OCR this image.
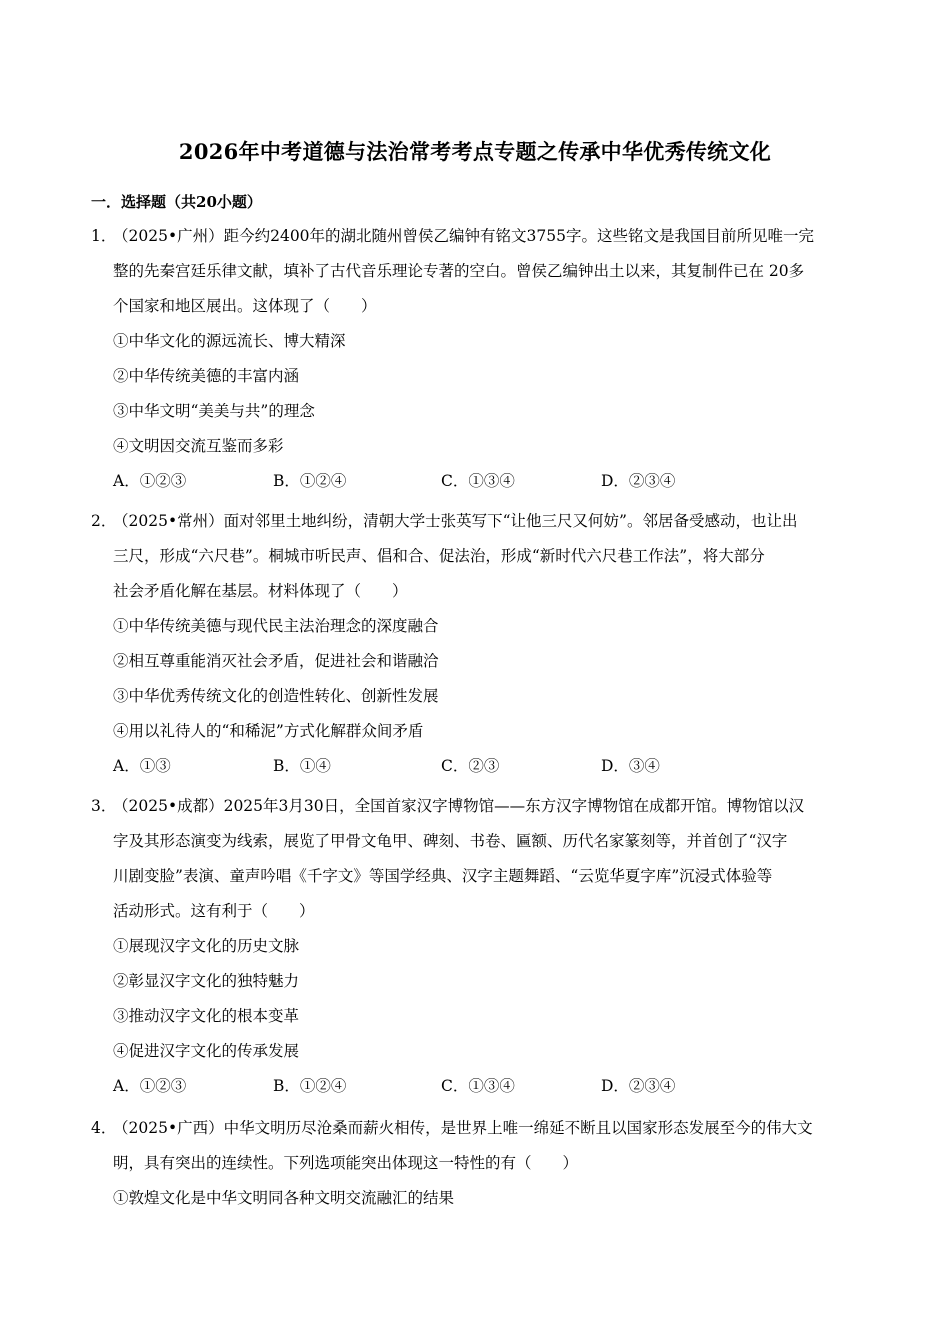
2026年中考道德与法治常考考点专题之传承中华优秀传统文化
一．选择题（共20小题）
1．（2025•广州）距今约2400年的湖北随州曾侯乙编钟有铭文3755字。这些铭文是我国目前所见唯一完
整的先秦宫廷乐律文献，填补了古代音乐理论专著的空白。曾侯乙编钟出土以来，其复制件已在 20多
个国家和地区展出。这体现了（　　）
①中华文化的源远流长、博大精深
②中华传统美德的丰富内涵
③中华文明“美美与共”的理念
④文明因交流互鉴而多彩
A．①②③	B．①②④	C．①③④	D．②③④
2．（2025•常州）面对邻里土地纠纷，清朝大学士张英写下“让他三尺又何妨”。邻居备受感动，也让出
三尺，形成“六尺巷”。桐城市听民声、倡和合、促法治，形成“新时代六尺巷工作法”，将大部分
社会矛盾化解在基层。材料体现了（　　）
①中华传统美德与现代民主法治理念的深度融合
②相互尊重能消灭社会矛盾，促进社会和谐融洽
③中华优秀传统文化的创造性转化、创新性发展
④用以礼待人的“和稀泥”方式化解群众间矛盾
A．①③	B．①④	C．②③	D．③④
3．（2025•成都）2025年3月30日，全国首家汉字博物馆——东方汉字博物馆在成都开馆。博物馆以汉
字及其形态演变为线索，展览了甲骨文龟甲、碑刻、书卷、匾额、历代名家篆刻等，并首创了“汉字
川剧变脸”表演、童声吟唱《千字文》等国学经典、汉字主题舞蹈、“云览华夏字库”沉浸式体验等
活动形式。这有利于（　　）
①展现汉字文化的历史文脉
②彰显汉字文化的独特魅力
③推动汉字文化的根本变革
④促进汉字文化的传承发展
A．①②③	B．①②④	C．①③④	D．②③④
4．（2025•广西）中华文明历尽沧桑而薪火相传，是世界上唯一绵延不断且以国家形态发展至今的伟大文
明，具有突出的连续性。下列选项能突出体现这一特性的有（　　）
①敦煌文化是中华文明同各种文明交流融汇的结果
